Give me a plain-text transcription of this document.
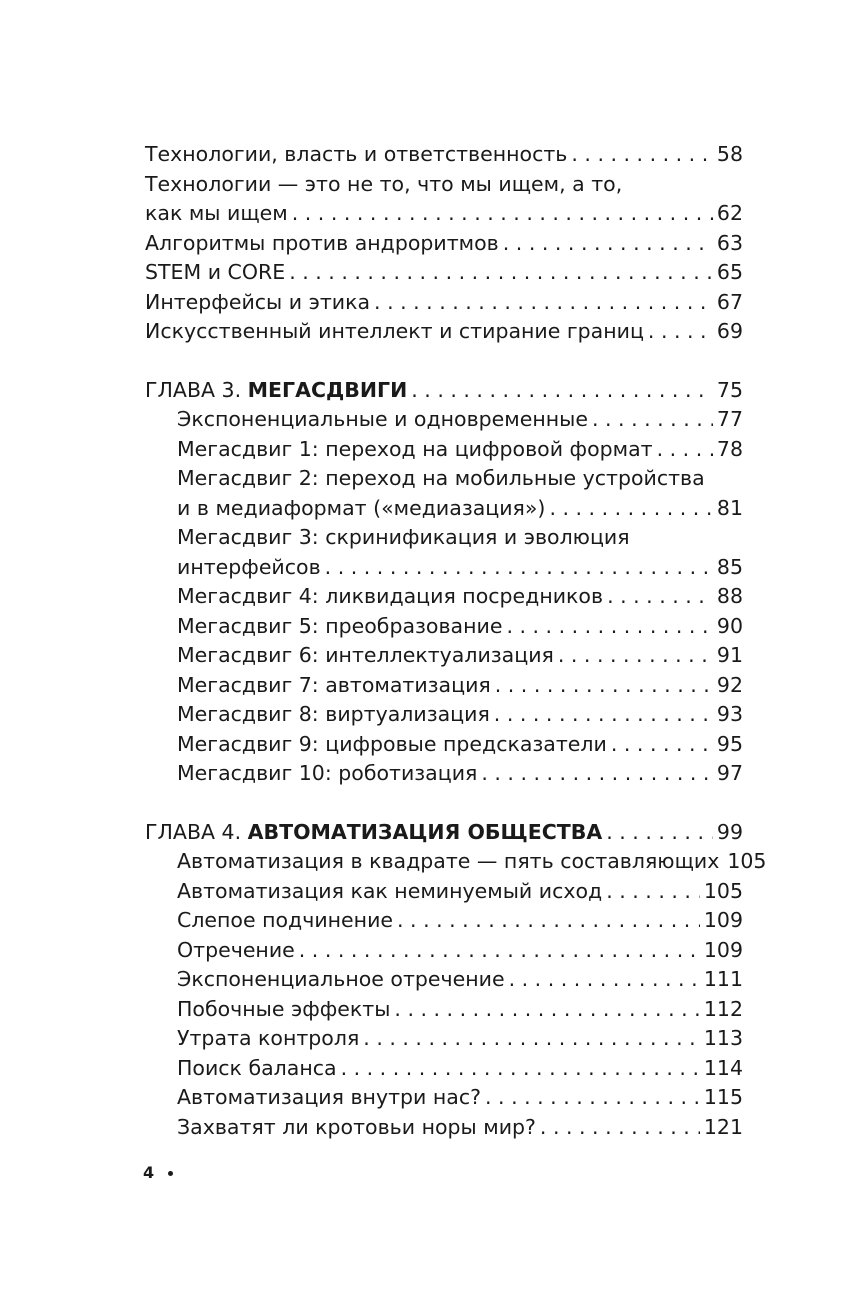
Технологии, власть и ответственность . . .	58
Технологии — это не то, что мы ищем, а то,
как мы ищем . . .	62
Алгоритмы против андроритмов . . .	63
STEM и CORE . . .	65
Интерфейсы и этика . . .	67
Искусственный интеллект и стирание границ . . .	69
ГЛАВА 3. МЕГАСДВИГИ . . .	75
Экспоненциальные и одновременные . . .	77
Мегасдвиг 1: переход на цифровой формат . . .	78
Мегасдвиг 2: переход на мобильные устройства
и в медиаформат («медиазация») . . .	81
Мегасдвиг 3: скринификация и эволюция
интерфейсов . . .	85
Мегасдвиг 4: ликвидация посредников . . .	88
Мегасдвиг 5: преобразование . . .	90
Мегасдвиг 6: интеллектуализация . . .	91
Мегасдвиг 7: автоматизация . . .	92
Мегасдвиг 8: виртуализация . . .	93
Мегасдвиг 9: цифровые предсказатели . . .	95
Мегасдвиг 10: роботизация . . .	97
ГЛАВА 4. АВТОМАТИЗАЦИЯ ОБЩЕСТВА . . .	99
Автоматизация в квадрате — пять составляющих 105
Автоматизация как неминуемый исход . . .	105
Слепое подчинение . . .	109
Отречение . . .	109
Экспоненциальное отречение . . .	111
Побочные эффекты . . .	112
Утрата контроля . . .	113
Поиск баланса . . .	114
Автоматизация внутри нас? . . .	115
Захватят ли кротовьи норы мир? . . .	121
4
